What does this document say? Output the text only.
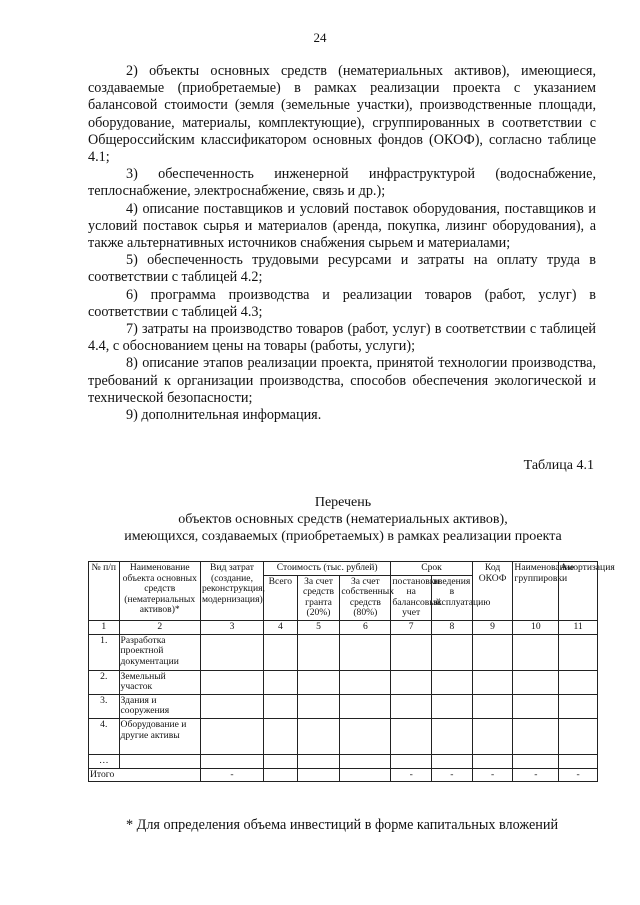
24

2) объекты основных средств (нематериальных активов), имеющиеся, создаваемые (приобретаемые) в рамках реализации проекта с указанием балансовой стоимости (земля (земельные участки), производственные площади, оборудование, материалы, комплектующие), сгруппированных в соответствии с Общероссийским классификатором основных фондов (ОКОФ), согласно таблице 4.1;

3) обеспеченность инженерной инфраструктурой (водоснабжение, теплоснабжение, электроснабжение, связь и др.);

4) описание поставщиков и условий поставок оборудования, поставщиков и условий поставок сырья и материалов (аренда, покупка, лизинг оборудования), а также альтернативных источников снабжения сырьем и материалами;

5) обеспеченность трудовыми ресурсами и затраты на оплату труда в соответствии с таблицей 4.2;

6) программа производства и реализации товаров (работ, услуг) в соответствии с таблицей 4.3;

7) затраты на производство товаров (работ, услуг) в соответствии с таблицей 4.4, с обоснованием цены на товары (работы, услуги);

8) описание этапов реализации проекта, принятой технологии производства, требований к организации производства, способов обеспечения экологической и технической безопасности;

9) дополнительная информация.

Таблица 4.1
Перечень
объектов основных средств (нематериальных активов),
имеющихся, создаваемых (приобретаемых) в рамках реализации проекта
№ п/п	Наименование объекта основных средств (нематериальных активов)*	Вид затрат (создание, реконструкция, модернизация)	Стоимость (тыс. рублей)			Срок		Код ОКОФ	Наименование группировки	Амортизация
			Всего	За счет средств гранта (20%)	За счет собственных средств (80%)	постановки на балансовый учет	введения в эксплуатацию			
1	2	3	4	5	6	7	8	9	10	11
1.	Разработка проектной документации									
2.	Земельный участок									
3.	Здания и сооружения									
4.	Оборудование и другие активы									
…										
Итого		-				-	-	-	-	-
* Для определения объема инвестиций в форме капитальных вложений
